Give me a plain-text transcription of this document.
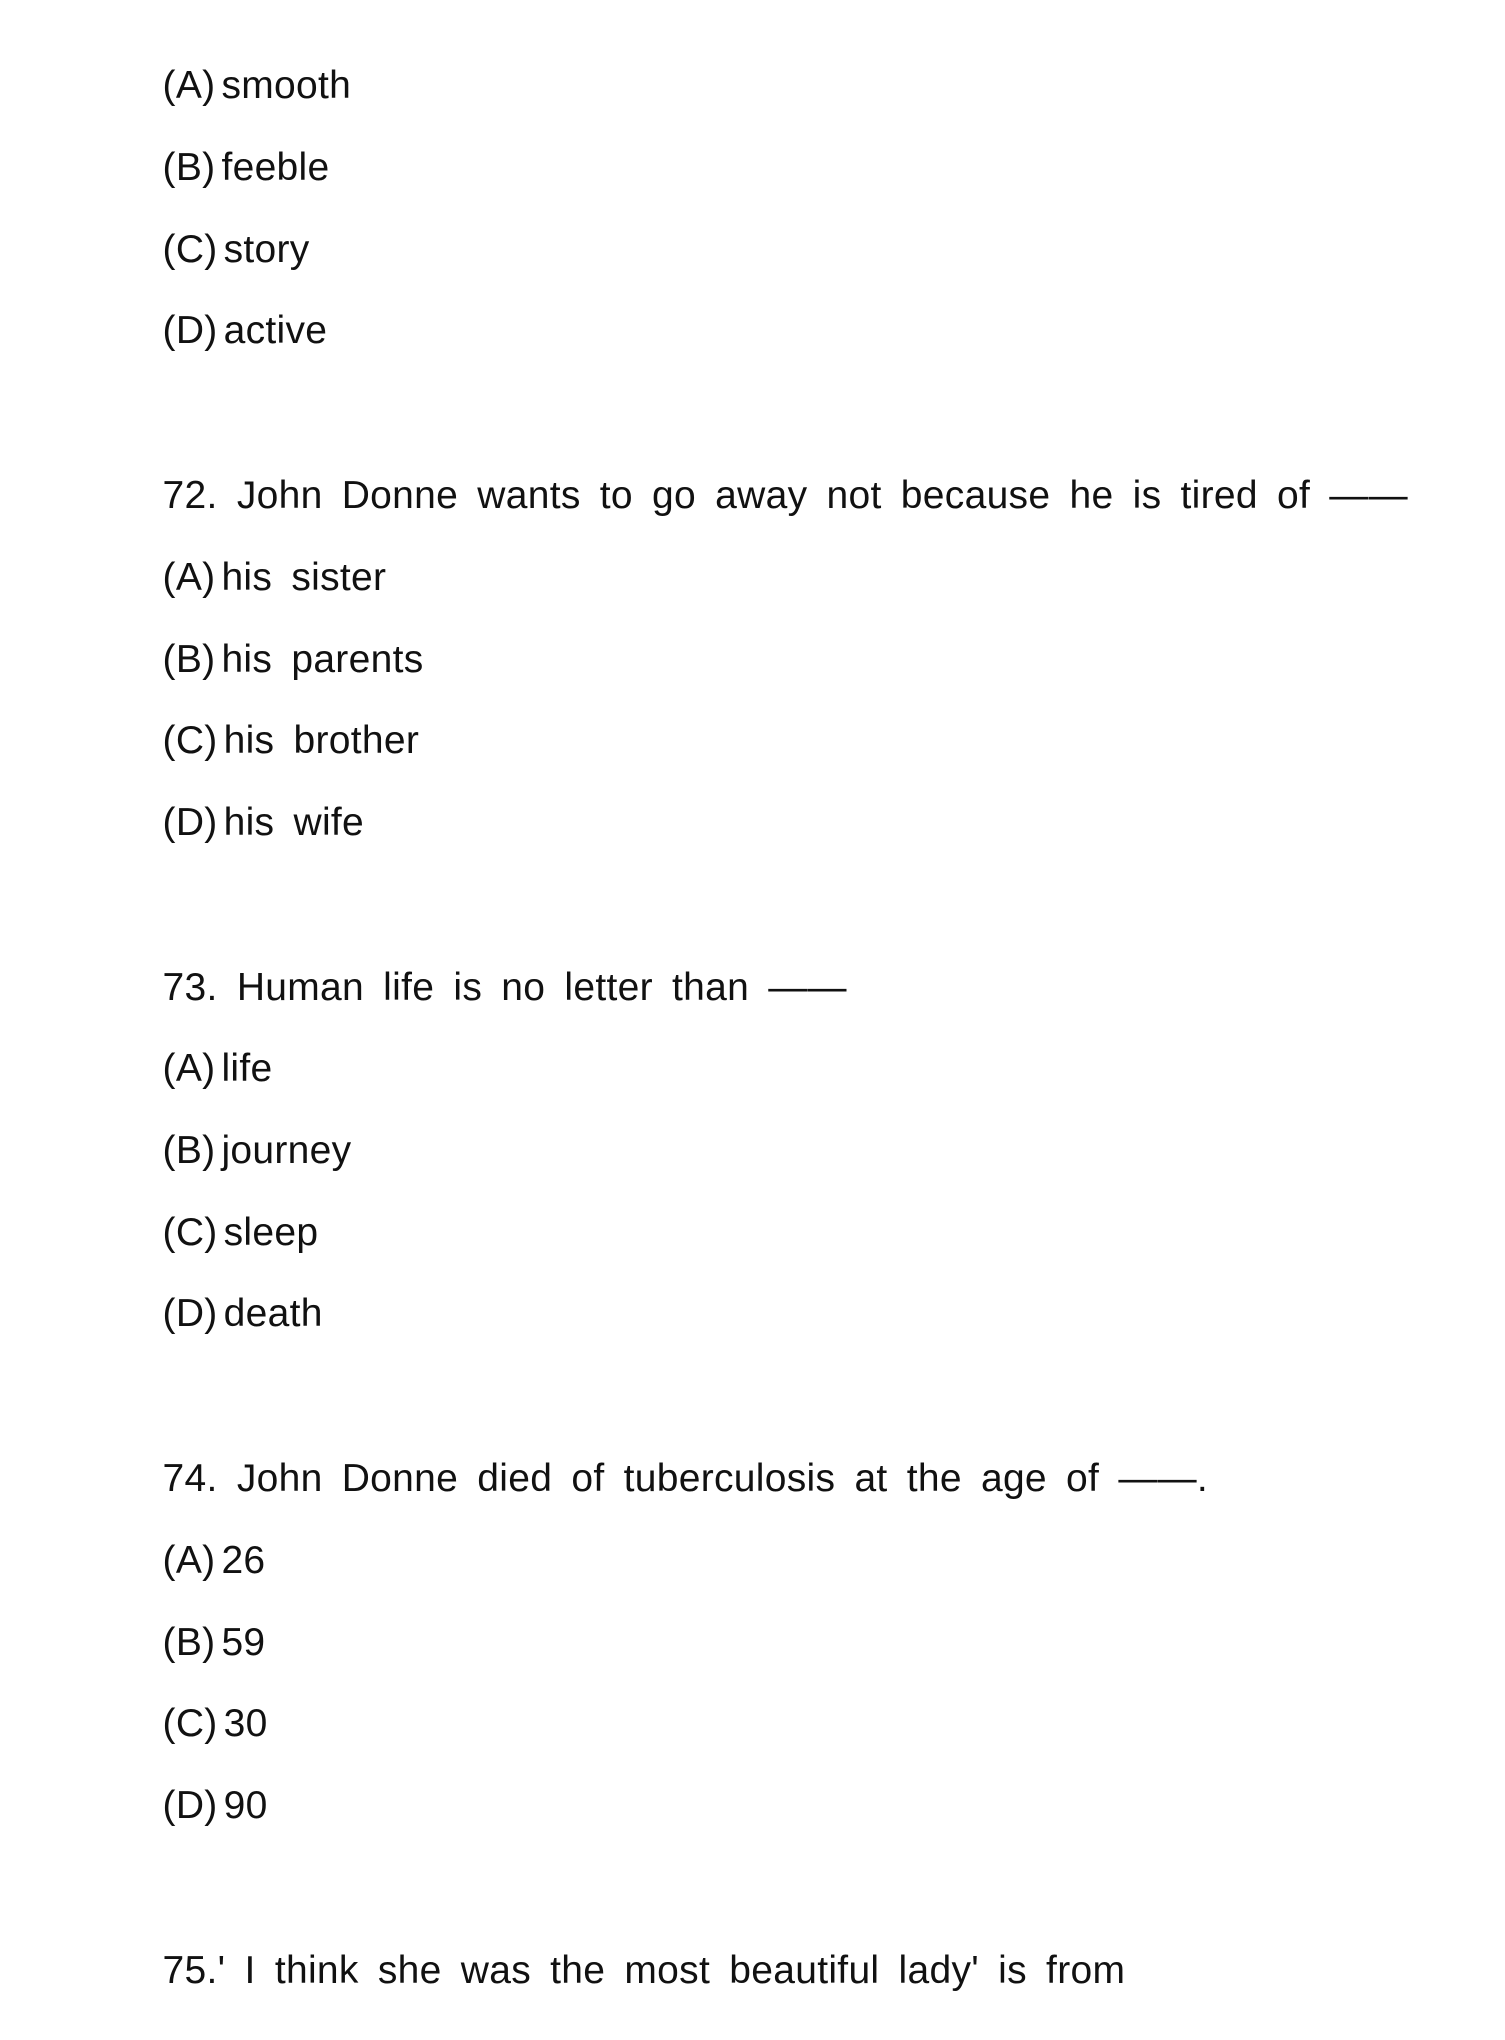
(A) smooth

(B) feeble

(C) story

(D) active

72. John Donne wants to go away not because he is tired of ——

(A) his sister

(B) his parents

(C) his brother

(D) his wife

73. Human life is no letter than ——

(A) life

(B) journey

(C) sleep

(D) death

74. John Donne died of tuberculosis at the age of ——.

(A) 26

(B) 59

(C) 30

(D) 90

75.' I think she was the most beautiful lady' is from
